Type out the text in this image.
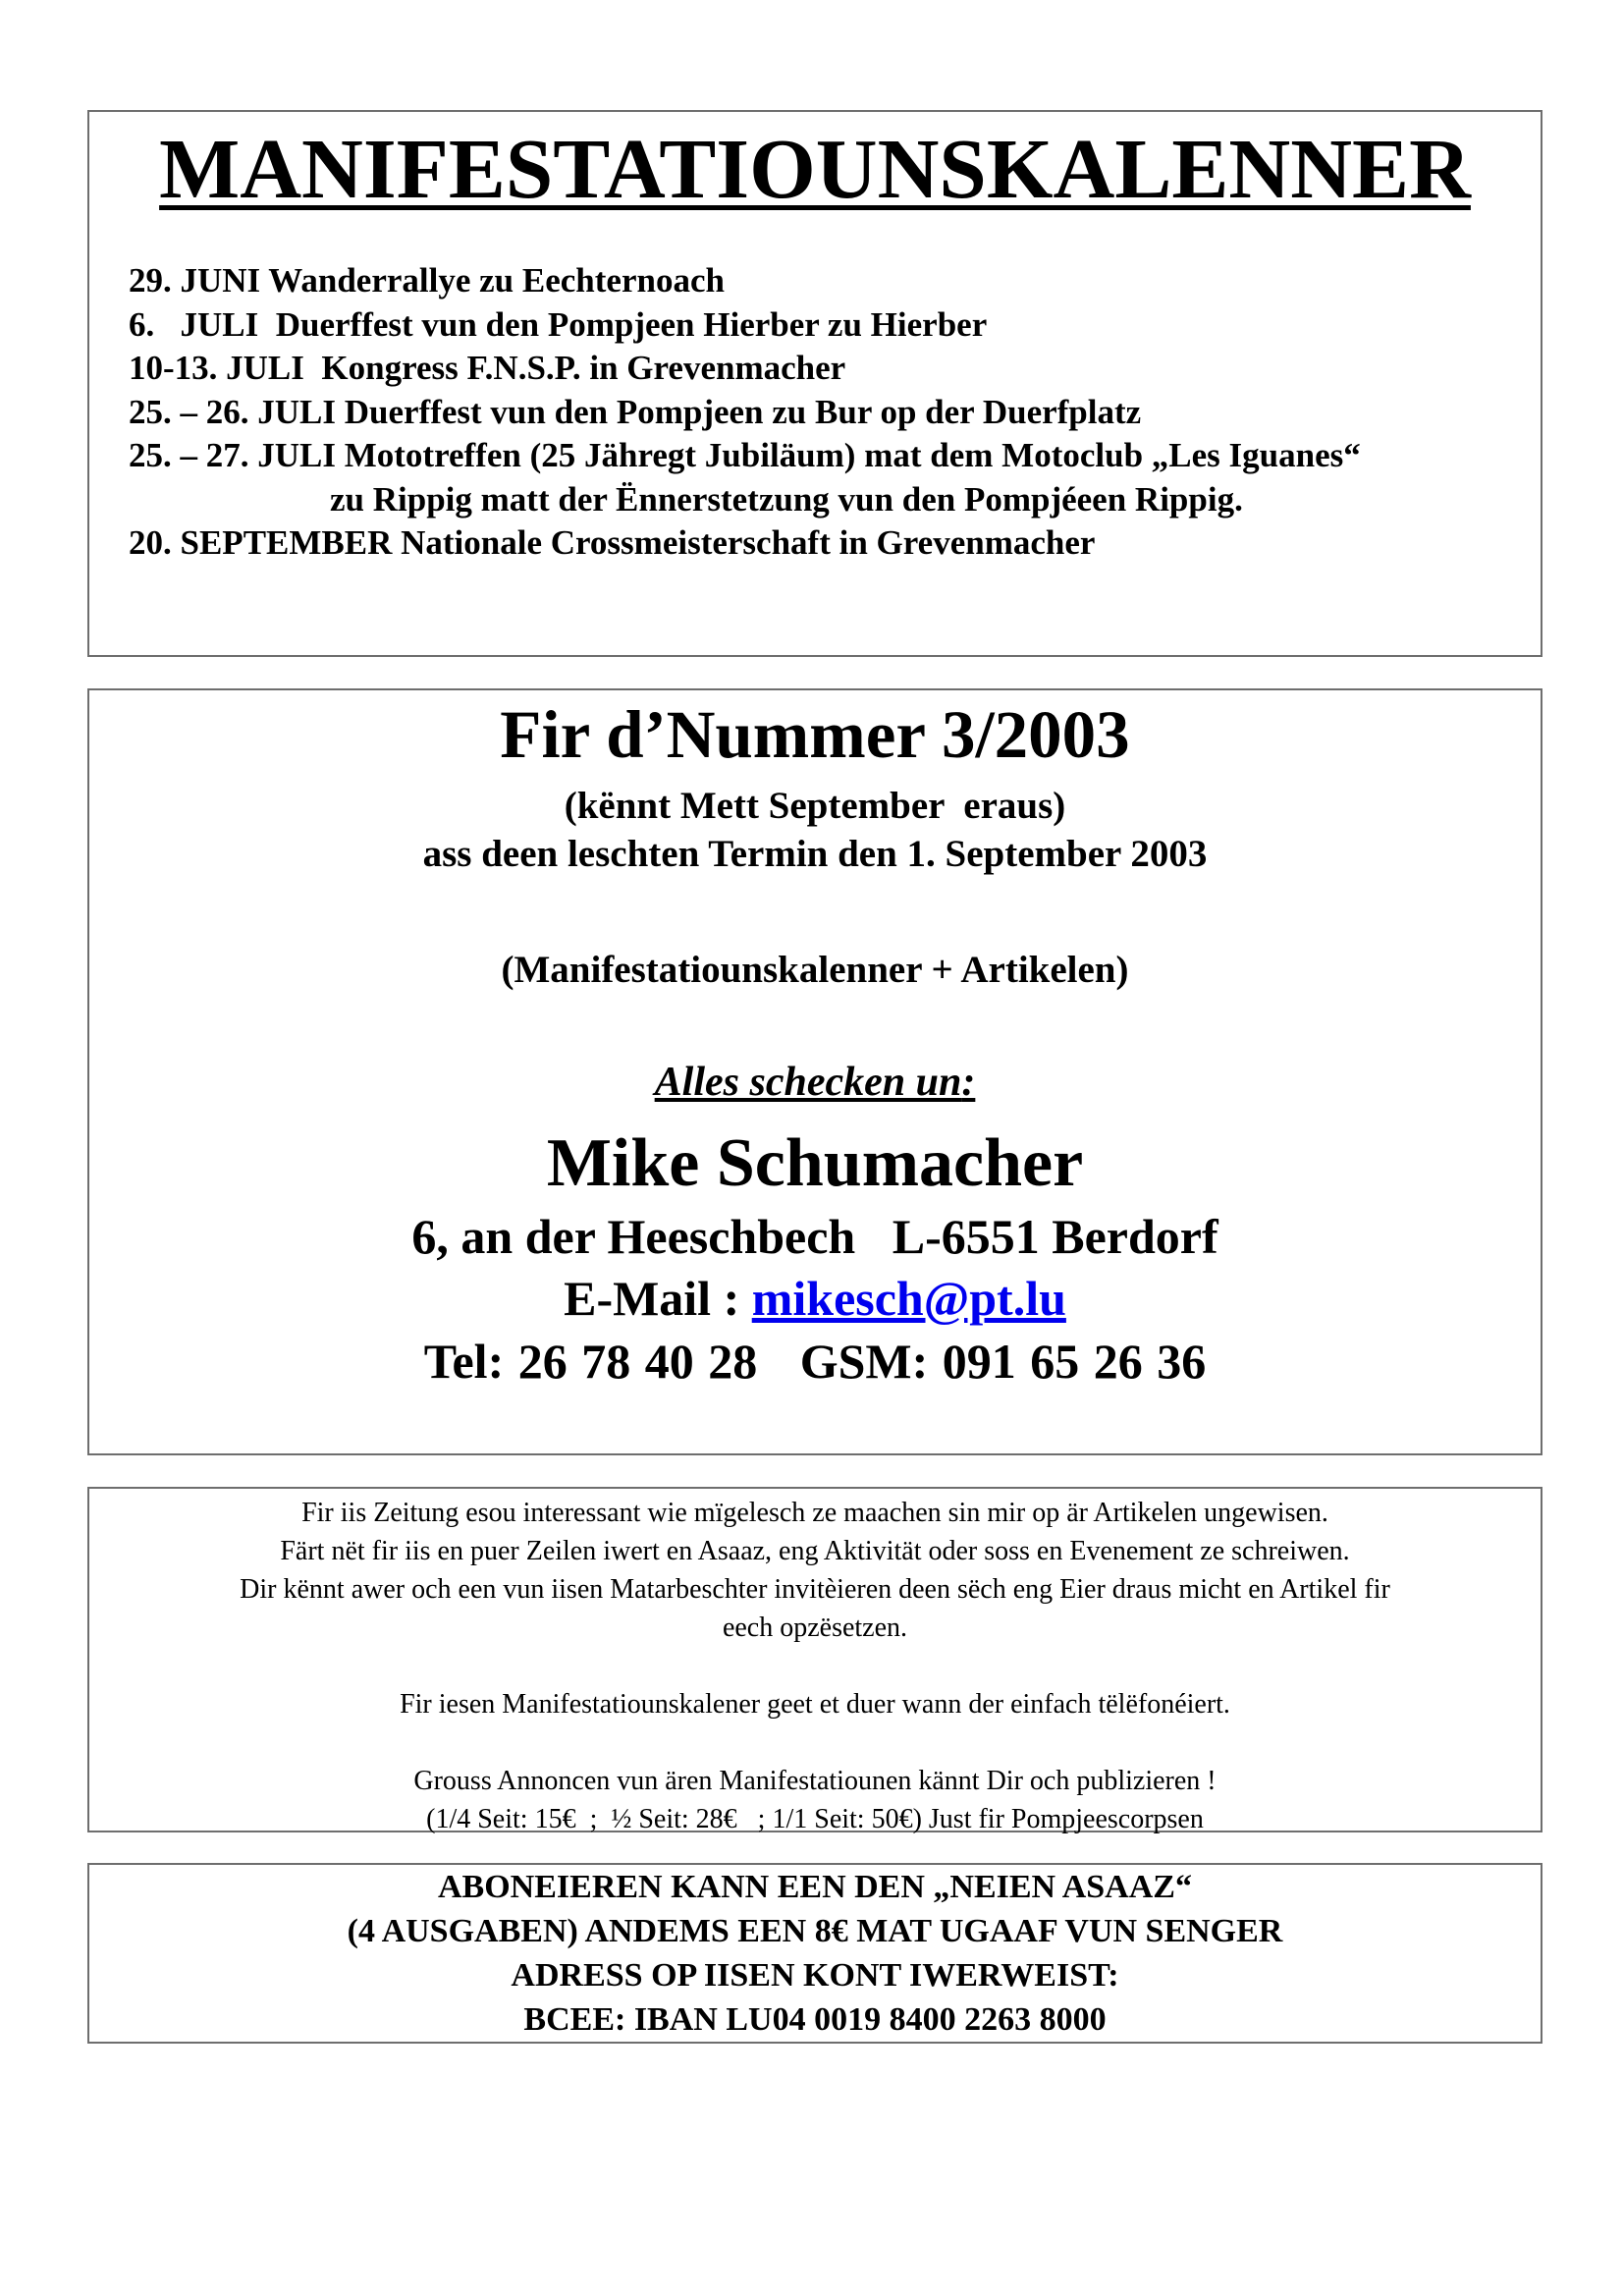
MANIFESTATIOUNSKALENNER
29. JUNI Wanderrallye zu Eechternoach
6.   JULI  Duerffest vun den Pompjeen Hierber zu Hierber
10-13. JULI  Kongress F.N.S.P. in Grevenmacher
25. – 26. JULI Duerffest vun den Pompjeen zu Bur op der Duerfplatz
25. – 27. JULI Mototreffen (25 Jähregt Jubiläum) mat dem Motoclub „Les Iguanes“
zu Rippig matt der Ënnerstetzung vun den Pompjéeen Rippig.
20. SEPTEMBER Nationale Crossmeisterschaft in Grevenmacher
Fir d’Nummer 3/2003
(kënnt Mett September  eraus)
ass deen leschten Termin den 1. September 2003
(Manifestatiounskalenner + Artikelen)
Alles schecken un:
Mike Schumacher
6, an der Heeschbech   L-6551 Berdorf
E-Mail : mikesch@pt.lu
Tel: 26 78 40 28   GSM: 091 65 26 36

Fir iis Zeitung esou interessant wie mïgelesch ze maachen sin mir op är Artikelen ungewisen.

Färt nët fir iis en puer Zeilen iwert en Asaaz, eng Aktivität oder soss en Evenement ze schreiwen.

Dir kënnt awer och een vun iisen Matarbeschter invitèieren deen sëch eng Eier draus micht en Artikel fir

eech opzësetzen.

Fir iesen Manifestatiounskalener geet et duer wann der einfach tëlëfonéiert.

Grouss Annoncen vun ären Manifestatiounen kännt Dir och publizieren !

(1/4 Seit: 15€  ;  ½ Seit: 28€   ; 1/1 Seit: 50€) Just fir Pompjeescorpsen

ABONEIEREN KANN EEN DEN „NEIEN ASAAZ“
(4 AUSGABEN) ANDEMS EEN 8€ MAT UGAAF VUN SENGER
ADRESS OP IISEN KONT IWERWEIST:
BCEE: IBAN LU04 0019 8400 2263 8000
